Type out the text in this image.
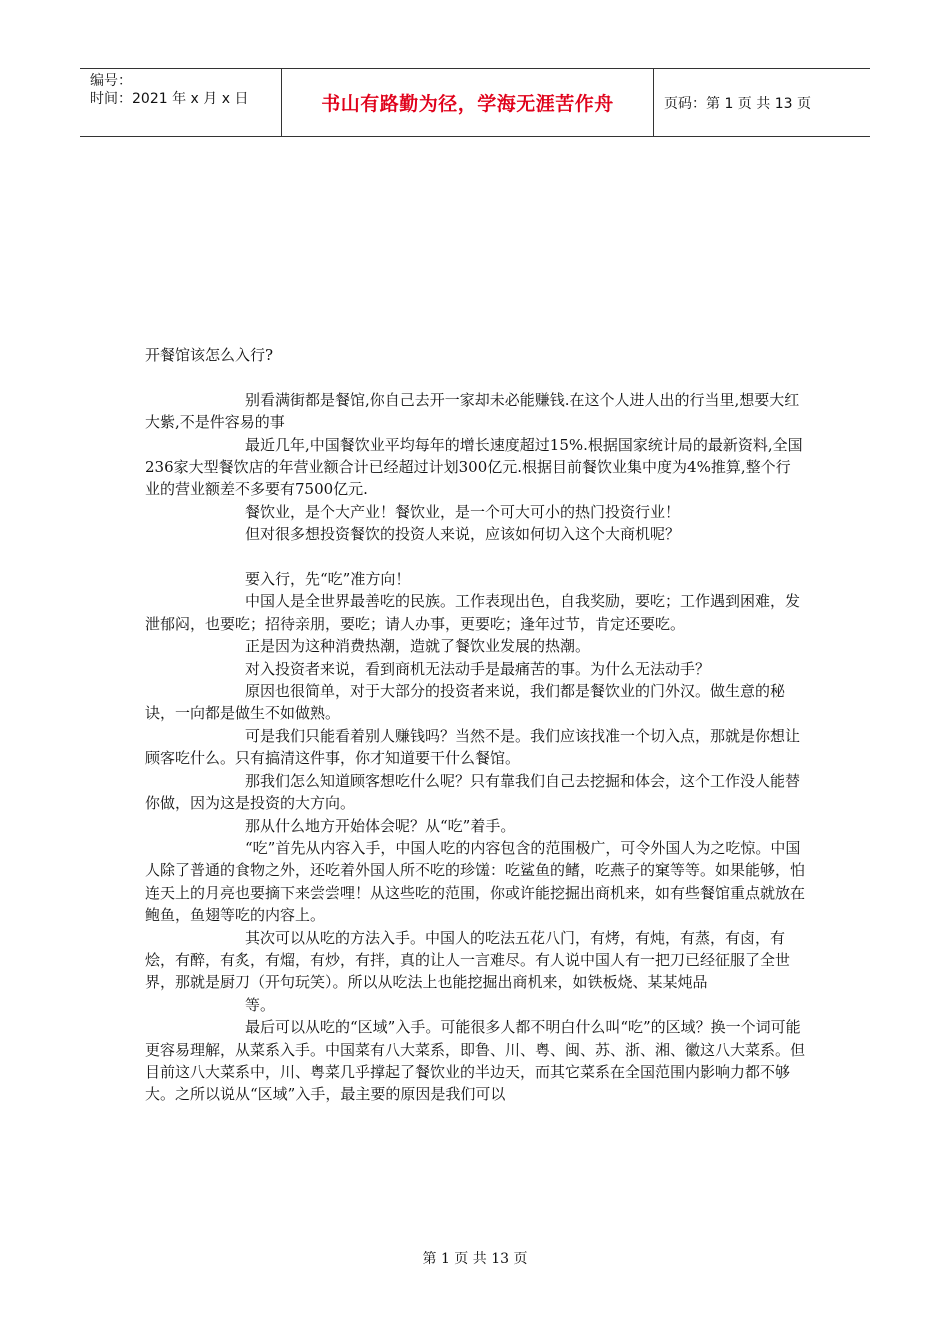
编号：
时间：2021 年 x 月 x 日	书山有路勤为径，学海无涯苦作舟	页码：第 1 页 共 13 页

开餐馆该怎么入行?

别看满街都是餐馆,你自己去开一家却未必能赚钱.在这个人进人出的行当里,想要大红大紫,不是件容易的事

最近几年,中国餐饮业平均每年的增长速度超过15%.根据国家统计局的最新资料,全国236家大型餐饮店的年营业额合计已经超过计划300亿元.根据目前餐饮业集中度为4%推算,整个行业的营业额差不多要有7500亿元.

餐饮业，是个大产业！餐饮业，是一个可大可小的热门投资行业！

但对很多想投资餐饮的投资人来说，应该如何切入这个大商机呢？

要入行，先“吃”准方向！

中国人是全世界最善吃的民族。工作表现出色，自我奖励，要吃；工作遇到困难，发泄郁闷，也要吃；招待亲朋，要吃；请人办事，更要吃；逢年过节，肯定还要吃。

正是因为这种消费热潮，造就了餐饮业发展的热潮。

对入投资者来说，看到商机无法动手是最痛苦的事。为什么无法动手？

原因也很简单，对于大部分的投资者来说，我们都是餐饮业的门外汉。做生意的秘诀，一向都是做生不如做熟。

可是我们只能看着别人赚钱吗？当然不是。我们应该找准一个切入点，那就是你想让顾客吃什么。只有搞清这件事，你才知道要干什么餐馆。

那我们怎么知道顾客想吃什么呢？只有靠我们自己去挖掘和体会，这个工作没人能替你做，因为这是投资的大方向。

那从什么地方开始体会呢？从“吃”着手。

“吃”首先从内容入手，中国人吃的内容包含的范围极广，可令外国人为之吃惊。中国人除了普通的食物之外，还吃着外国人所不吃的珍馐：吃鲨鱼的鳍，吃燕子的窠等等。如果能够，怕连天上的月亮也要摘下来尝尝哩！从这些吃的范围，你或许能挖掘出商机来，如有些餐馆重点就放在鲍鱼，鱼翅等吃的内容上。

其次可以从吃的方法入手。中国人的吃法五花八门，有烤，有炖，有蒸，有卤，有烩，有醉，有炙，有熘，有炒，有拌，真的让人一言难尽。有人说中国人有一把刀已经征服了全世界，那就是厨刀（开句玩笑）。所以从吃法上也能挖掘出商机来，如铁板烧、某某炖品

等。

最后可以从吃的“区域”入手。可能很多人都不明白什么叫“吃”的区域？换一个词可能更容易理解，从菜系入手。中国菜有八大菜系，即鲁、川、粤、闽、苏、浙、湘、徽这八大菜系。但目前这八大菜系中，川、粤菜几乎撑起了餐饮业的半边天，而其它菜系在全国范围内影响力都不够大。之所以说从“区域”入手，最主要的原因是我们可以

第 1 页 共 13 页
